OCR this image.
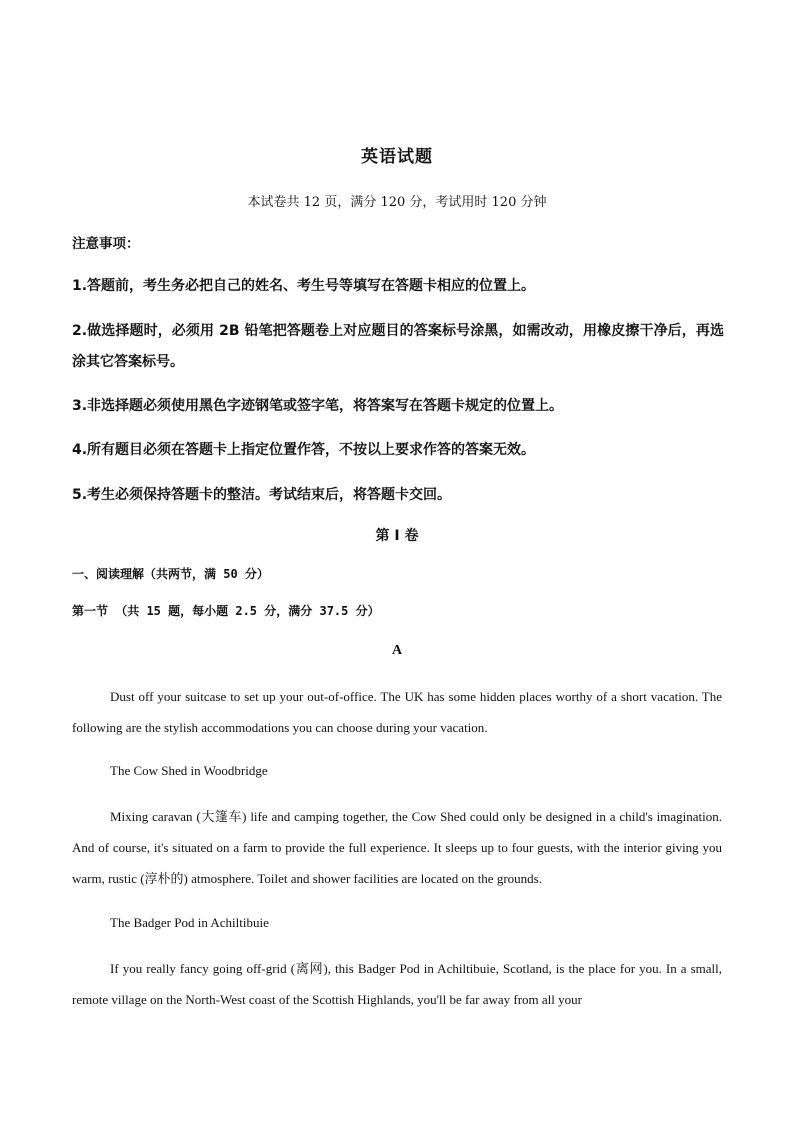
英语试题
本试卷共 12 页，满分 120 分，考试用时 120 分钟
注意事项：
1.答题前，考生务必把自己的姓名、考生号等填写在答题卡相应的位置上。
2.做选择题时，必须用 2B 铅笔把答题卷上对应题目的答案标号涂黑，如需改动，用橡皮擦干净后，再选涂其它答案标号。
3.非选择题必须使用黑色字迹钢笔或签字笔，将答案写在答题卡规定的位置上。
4.所有题目必须在答题卡上指定位置作答，不按以上要求作答的答案无效。
5.考生必须保持答题卡的整洁。考试结束后，将答题卡交回。
第 I 卷
一、阅读理解（共两节，满 50 分）
第一节 （共 15 题，每小题 2.5 分，满分 37.5 分）
A
Dust off your suitcase to set up your out-of-office. The UK has some hidden places worthy of a short vacation. The following are the stylish accommodations you can choose during your vacation.
The Cow Shed in Woodbridge
Mixing caravan (大篷车) life and camping together, the Cow Shed could only be designed in a child's imagination. And of course, it's situated on a farm to provide the full experience. It sleeps up to four guests, with the interior giving you warm, rustic (淳朴的) atmosphere. Toilet and shower facilities are located on the grounds.
The Badger Pod in Achiltibuie
If you really fancy going off-grid (离网), this Badger Pod in Achiltibuie, Scotland, is the place for you. In a small, remote village on the North-West coast of the Scottish Highlands, you'll be far away from all your
